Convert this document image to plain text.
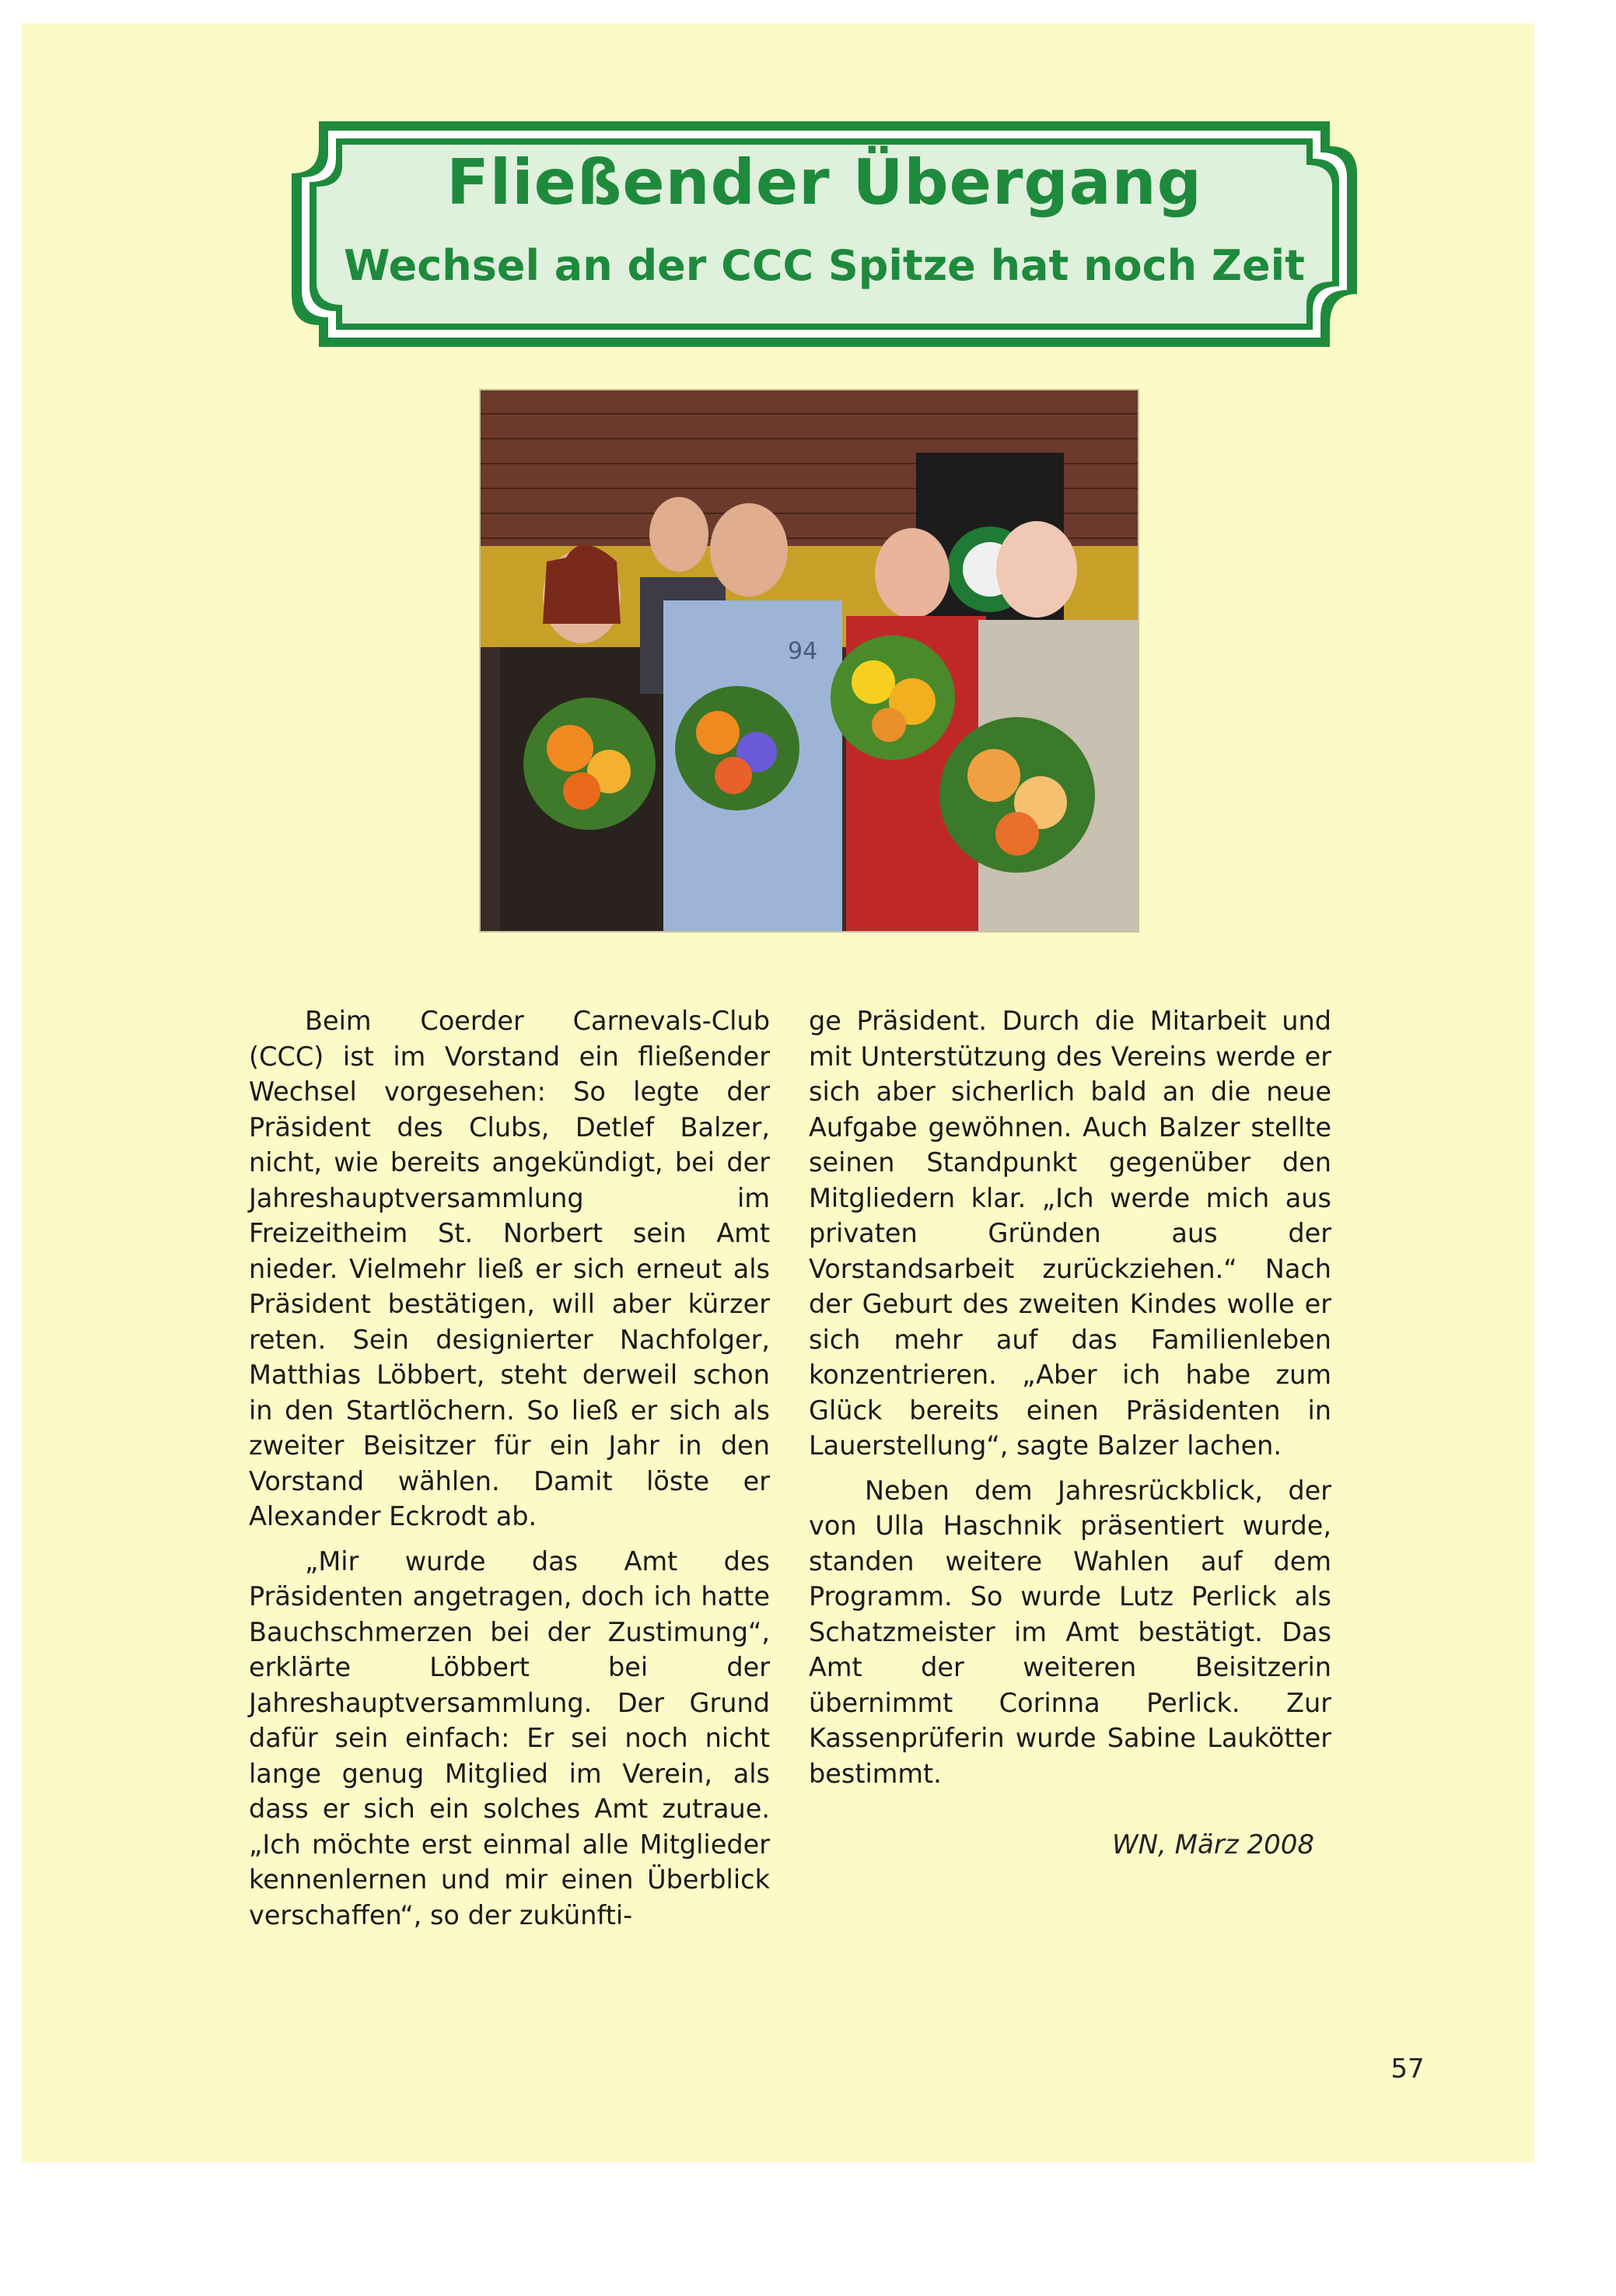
Fließender Übergang
Wechsel an der CCC Spitze hat noch Zeit
94

Beim Coerder Carnevals-Club (CCC) ist im Vorstand ein fließender Wechsel vorgesehen: So legte der Präsident des Clubs, Detlef Balzer, nicht, wie bereits angekündigt, bei der Jahreshauptversammlung im Freizeitheim St. Norbert sein Amt nieder. Vielmehr ließ er sich erneut als Präsident bestätigen, will aber kürzer reten. Sein designierter Nachfolger, Matthias Löbbert, steht derweil schon in den Startlöchern. So ließ er sich als zweiter Beisitzer für ein Jahr in den Vorstand wählen. Damit löste er Alexander Eckrodt ab.

„Mir wurde das Amt des Präsidenten angetragen, doch ich hatte Bauchschmerzen bei der Zustimung“, erklärte Löbbert bei der Jahreshauptversammlung. Der Grund dafür sein einfach: Er sei noch nicht lange genug Mitglied im Verein, als dass er sich ein solches Amt zutraue. „Ich möchte erst einmal alle Mitglieder kennenlernen und mir einen Überblick verschaffen“, so der zukünfti-

ge Präsident. Durch die Mitarbeit und mit Unterstützung des Vereins werde er sich aber sicherlich bald an die neue Aufgabe gewöhnen. Auch Balzer stellte seinen Standpunkt gegenüber den Mitgliedern klar. „Ich werde mich aus privaten Gründen aus der Vorstandsarbeit zurückziehen.“ Nach der Geburt des zweiten Kindes wolle er sich mehr auf das Familienleben konzentrieren. „Aber ich habe zum Glück bereits einen Präsidenten in Lauerstellung“, sagte Balzer lachen.

Neben dem Jahresrückblick, der von Ulla Haschnik präsentiert wurde, standen weitere Wahlen auf dem Programm. So wurde Lutz Perlick als Schatzmeister im Amt bestätigt. Das Amt der weiteren Beisitzerin übernimmt Corinna Perlick. Zur Kassenprüferin wurde Sabine Laukötter bestimmt.

WN, März 2008
57
